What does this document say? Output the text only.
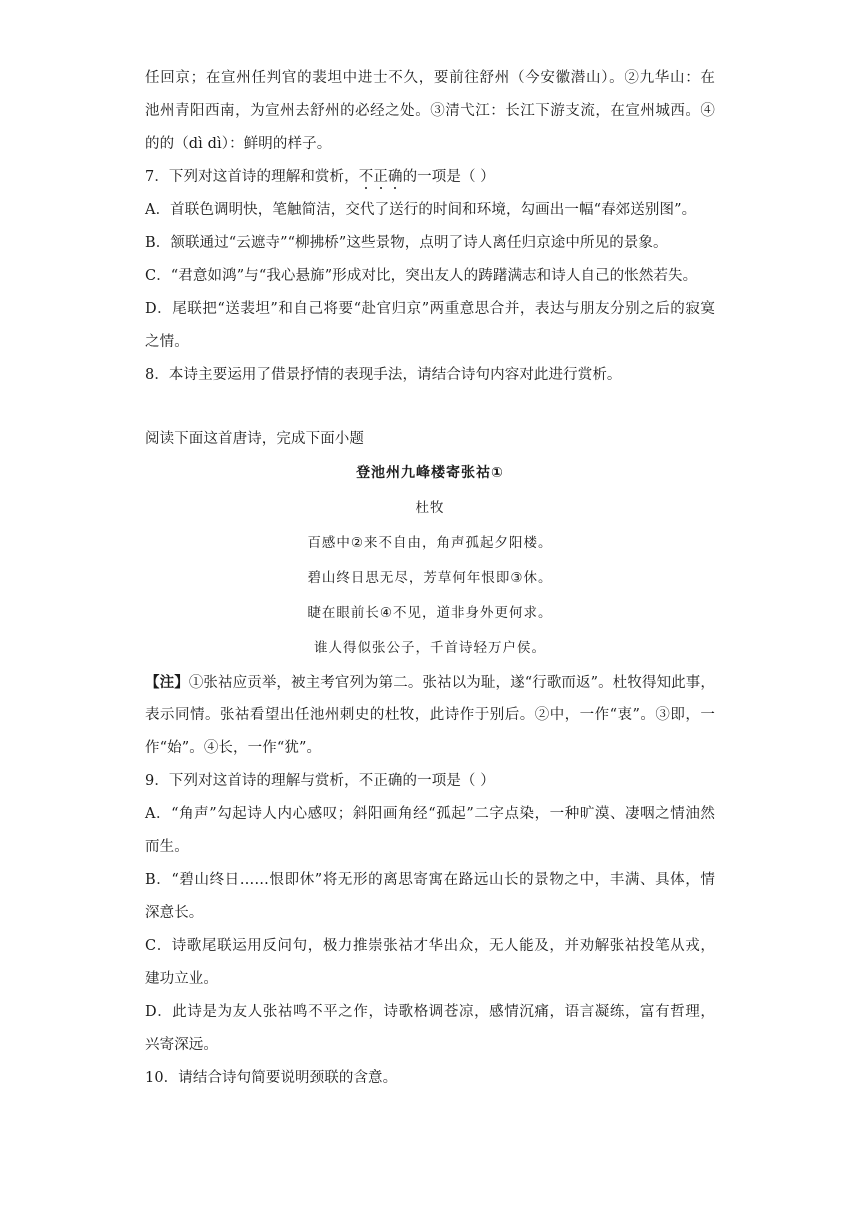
任回京；在宣州任判官的裴坦中进士不久，要前往舒州（今安徽潜山）。②九华山：在
池州青阳西南，为宣州去舒州的必经之处。③清弋江：长江下游支流，在宣州城西。④
的的（dì dì）：鲜明的样子。
7．下列对这首诗的理解和赏析，不正确的一项是（ ）
A．首联色调明快，笔触简洁，交代了送行的时间和环境，勾画出一幅“春郊送别图”。
B．颔联通过“云遮寺”“柳拂桥”这些景物，点明了诗人离任归京途中所见的景象。
C．“君意如鸿”与“我心悬旆”形成对比，突出友人的踌躇满志和诗人自己的怅然若失。
D．尾联把“送裴坦”和自己将要“赴官归京”两重意思合并，表达与朋友分别之后的寂寞
之情。
8．本诗主要运用了借景抒情的表现手法，请结合诗句内容对此进行赏析。
阅读下面这首唐诗，完成下面小题
登池州九峰楼寄张祜①
杜牧
百感中②来不自由，角声孤起夕阳楼。
碧山终日思无尽，芳草何年恨即③休。
睫在眼前长④不见，道非身外更何求。
谁人得似张公子，千首诗轻万户侯。
【注】①张祜应贡举，被主考官列为第二。张祜以为耻，遂“行歌而返”。杜牧得知此事，
表示同情。张祜看望出任池州刺史的杜牧，此诗作于别后。②中，一作“衷”。③即，一
作“始”。④长，一作“犹”。
9．下列对这首诗的理解与赏析，不正确的一项是（ ）
A．“角声”勾起诗人内心感叹；斜阳画角经“孤起”二字点染，一种旷漠、凄咽之情油然
而生。
B．“碧山终日……恨即休”将无形的离思寄寓在路远山长的景物之中，丰满、具体，情
深意长。
C．诗歌尾联运用反问句，极力推崇张祜才华出众，无人能及，并劝解张祜投笔从戎，
建功立业。
D．此诗是为友人张祜鸣不平之作，诗歌格调苍凉，感情沉痛，语言凝练，富有哲理，
兴寄深远。
10．请结合诗句简要说明颈联的含意。
